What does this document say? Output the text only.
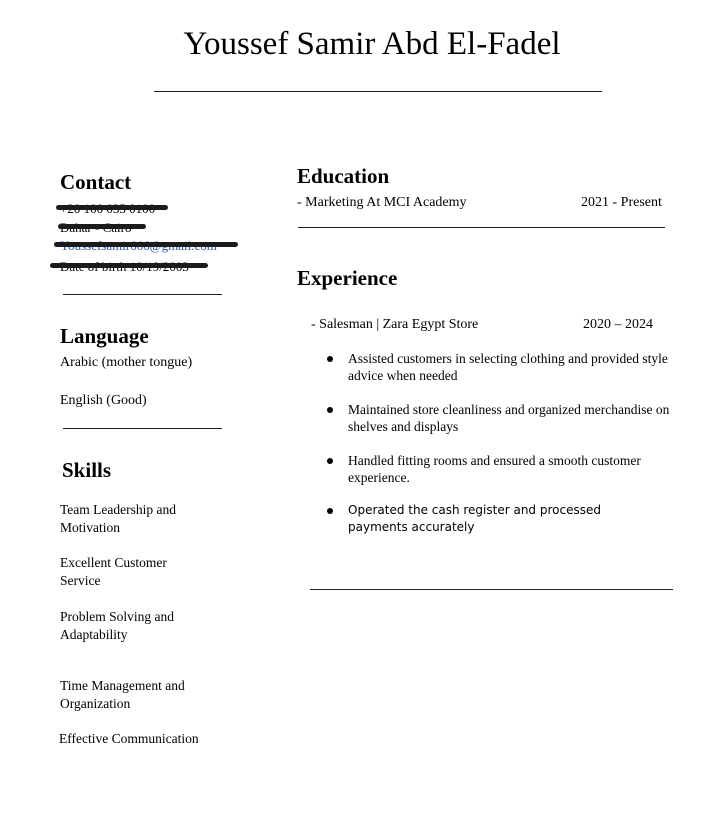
Youssef Samir Abd El-Fadel
Contact
+20 100 035 0100
Dahar - Cairo
Youssefsamir666@gmail.com
Date of birth 10/19/2003
Language
Arabic (mother tongue)
English (Good)
Skills
Team Leadership and Motivation
Excellent Customer Service
Problem Solving and Adaptability
Time Management and Organization
Effective Communication
Education
- Marketing At MCI Academy	2021 - Present
Experience
- Salesman | Zara Egypt Store	2020 – 2024
Assisted customers in selecting clothing and provided style advice when needed
Maintained store cleanliness and organized merchandise on shelves and displays
Handled fitting rooms and ensured a smooth customer experience.
Operated the cash register and processed payments accurately
